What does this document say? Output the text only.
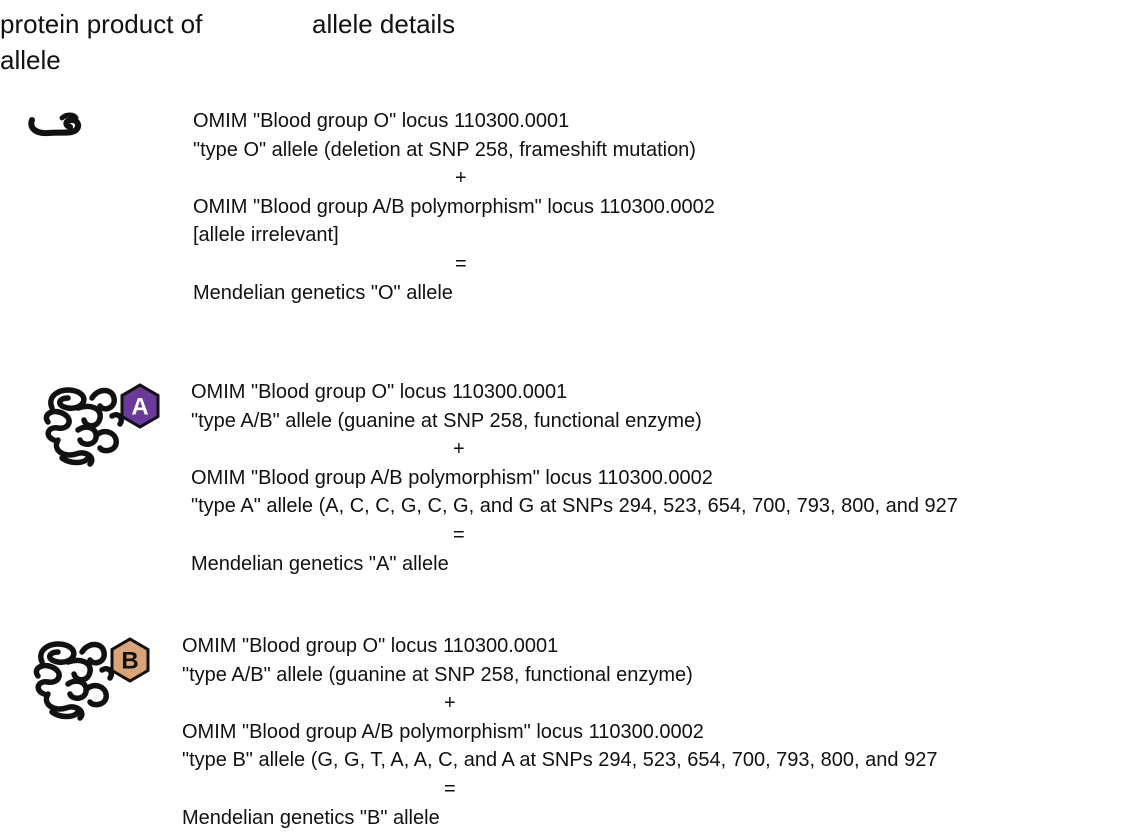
protein product of allele
allele details
OMIM "Blood group O" locus 110300.0001
"type O" allele (deletion at SNP 258, frameshift mutation)
+
OMIM "Blood group A/B polymorphism" locus 110300.0002
[allele irrelevant]
=
Mendelian genetics "O" allele
A
OMIM "Blood group O" locus 110300.0001
"type A/B" allele (guanine at SNP 258, functional enzyme)
+
OMIM "Blood group A/B polymorphism" locus 110300.0002
"type A" allele (A, C, C, G, C, G, and G at SNPs 294, 523, 654, 700, 793, 800, and 927
=
Mendelian genetics "A" allele
B
OMIM "Blood group O" locus 110300.0001
"type A/B" allele (guanine at SNP 258, functional enzyme)
+
OMIM "Blood group A/B polymorphism" locus 110300.0002
"type B" allele (G, G, T, A, A, C, and A at SNPs 294, 523, 654, 700, 793, 800, and 927
=
Mendelian genetics "B" allele
